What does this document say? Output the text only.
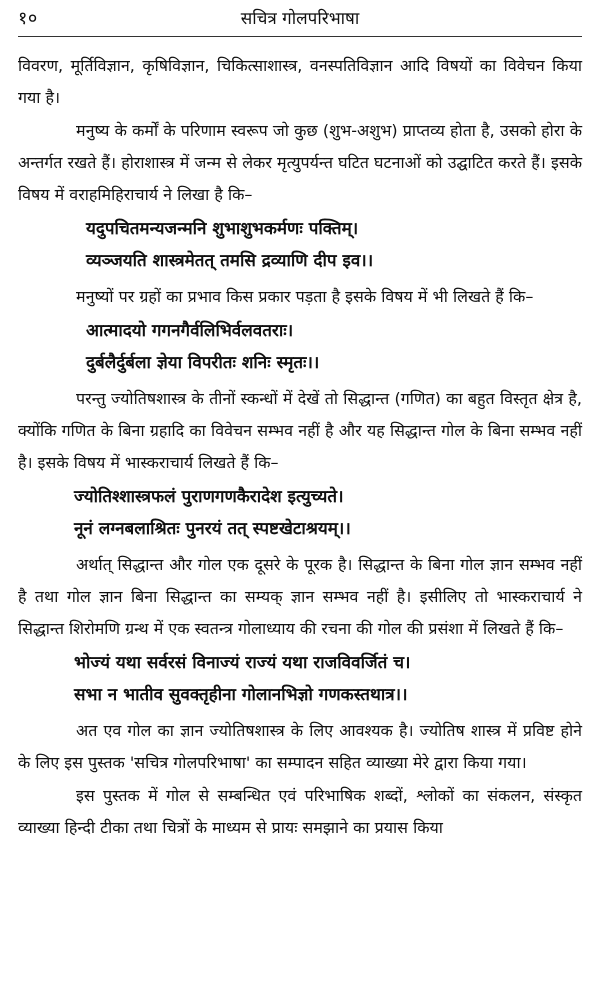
१०	सचित्र गोलपरिभाषा

विवरण, मूर्तिविज्ञान, कृषिविज्ञान, चिकित्साशास्त्र, वनस्पतिविज्ञान आदि विषयों का विवेचन किया गया है।

मनुष्य के कर्मों के परिणाम स्वरूप जो कुछ (शुभ-अशुभ) प्राप्तव्य होता है, उसको होरा के अन्तर्गत रखते हैं। होराशास्त्र में जन्म से लेकर मृत्युपर्यन्त घटित घटनाओं को उद्घाटित करते हैं। इसके विषय में वराहमिहिराचार्य ने लिखा है कि–

यदुपचितमन्यजन्मनि शुभाशुभकर्मणः पक्तिम्।
व्यञ्जयति शास्त्रमेतत् तमसि द्रव्याणि दीप इव।।

मनुष्यों पर ग्रहों का प्रभाव किस प्रकार पड़ता है इसके विषय में भी लिखते हैं कि–

आत्मादयो गगनगैर्वलिभिर्वलवतराः।
दुर्बलैर्दुर्बला ज्ञेया विपरीतः शनिः स्मृतः।।

परन्तु ज्योतिषशास्त्र के तीनों स्कन्धों में देखें तो सिद्धान्त (गणित) का बहुत विस्तृत क्षेत्र है, क्योंकि गणित के बिना ग्रहादि का विवेचन सम्भव नहीं है और यह सिद्धान्त गोल के बिना सम्भव नहीं है। इसके विषय में भास्कराचार्य लिखते हैं कि–

ज्योतिश्शास्त्रफलं पुराणगणकैरादेश इत्युच्यते।
नूनं लग्नबलाश्रितः पुनरयं तत् स्पष्टखेटाश्रयम्।।

अर्थात् सिद्धान्त और गोल एक दूसरे के पूरक है। सिद्धान्त के बिना गोल ज्ञान सम्भव नहीं है तथा गोल ज्ञान बिना सिद्धान्त का सम्यक् ज्ञान सम्भव नहीं है। इसीलिए तो भास्कराचार्य ने सिद्धान्त शिरोमणि ग्रन्थ में एक स्वतन्त्र गोलाध्याय की रचना की गोल की प्रसंशा में लिखते हैं कि–

भोज्यं यथा सर्वरसं विनाज्यं राज्यं यथा राजविवर्जितं च।
सभा न भातीव सुवक्तृहीना गोलानभिज्ञो गणकस्तथात्र।।

अत एव गोल का ज्ञान ज्योतिषशास्त्र के लिए आवश्यक है। ज्योतिष शास्त्र में प्रविष्ट होने के लिए इस पुस्तक 'सचित्र गोलपरिभाषा' का सम्पादन सहित व्याख्या मेरे द्वारा किया गया।

इस पुस्तक में गोल से सम्बन्धित एवं परिभाषिक शब्दों, श्लोकों का संकलन, संस्कृत व्याख्या हिन्दी टीका तथा चित्रों के माध्यम से प्रायः समझाने का प्रयास किया
